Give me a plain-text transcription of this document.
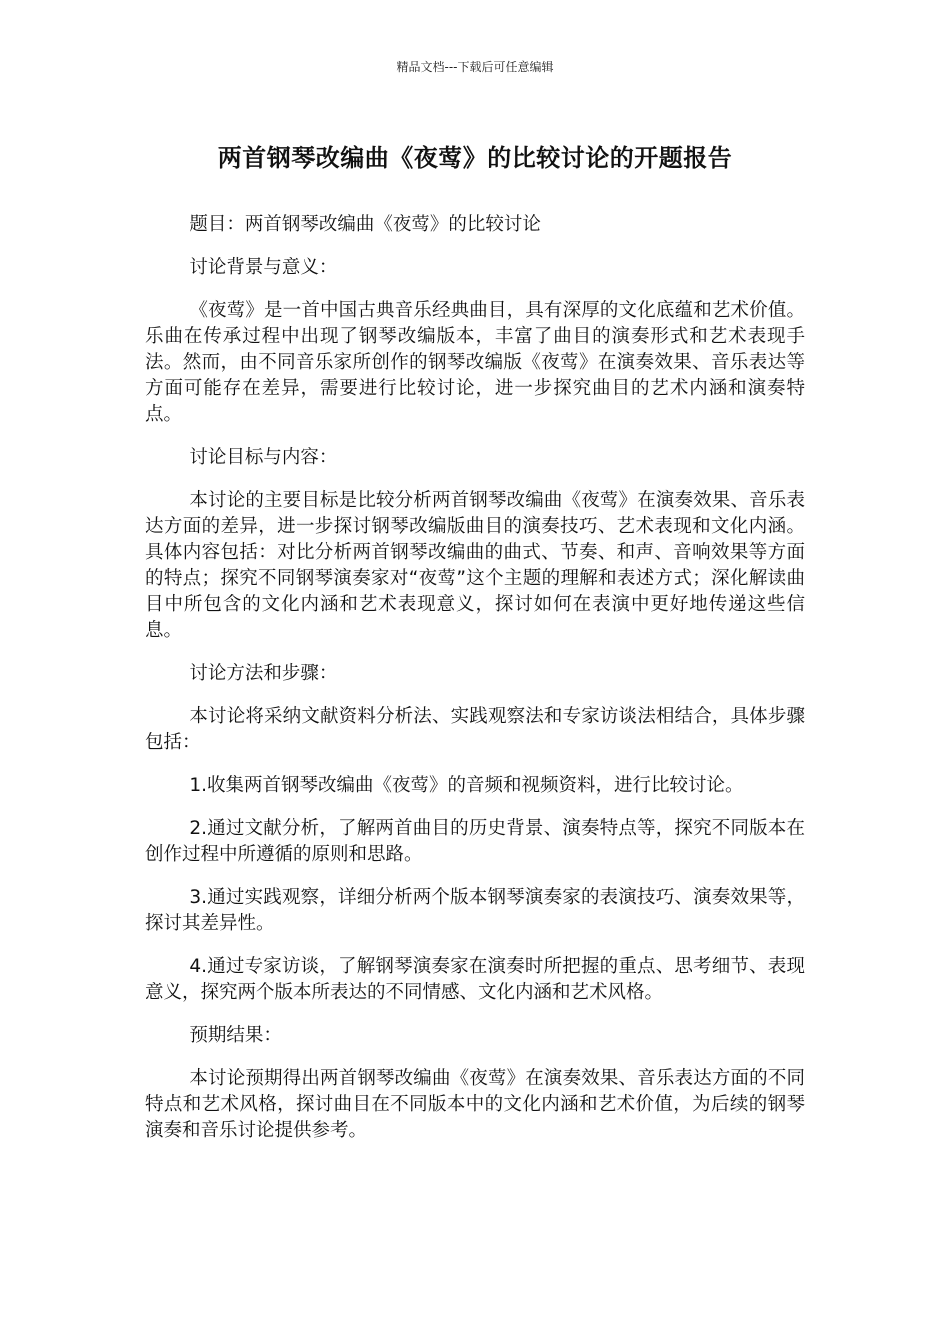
精品文档---下载后可任意编辑
两首钢琴改编曲《夜莺》的比较讨论的开题报告

题目：两首钢琴改编曲《夜莺》的比较讨论

讨论背景与意义：

《夜莺》是一首中国古典音乐经典曲目，具有深厚的文化底蕴和艺术价值。乐曲在传承过程中出现了钢琴改编版本，丰富了曲目的演奏形式和艺术表现手法。然而，由不同音乐家所创作的钢琴改编版《夜莺》在演奏效果、音乐表达等方面可能存在差异，需要进行比较讨论，进一步探究曲目的艺术内涵和演奏特点。

讨论目标与内容：

本讨论的主要目标是比较分析两首钢琴改编曲《夜莺》在演奏效果、音乐表达方面的差异，进一步探讨钢琴改编版曲目的演奏技巧、艺术表现和文化内涵。具体内容包括：对比分析两首钢琴改编曲的曲式、节奏、和声、音响效果等方面的特点；探究不同钢琴演奏家对“夜莺”这个主题的理解和表述方式；深化解读曲目中所包含的文化内涵和艺术表现意义，探讨如何在表演中更好地传递这些信息。

讨论方法和步骤：

本讨论将采纳文献资料分析法、实践观察法和专家访谈法相结合，具体步骤包括：

1.收集两首钢琴改编曲《夜莺》的音频和视频资料，进行比较讨论。

2.通过文献分析，了解两首曲目的历史背景、演奏特点等，探究不同版本在创作过程中所遵循的原则和思路。

3.通过实践观察，详细分析两个版本钢琴演奏家的表演技巧、演奏效果等，探讨其差异性。

4.通过专家访谈，了解钢琴演奏家在演奏时所把握的重点、思考细节、表现意义，探究两个版本所表达的不同情感、文化内涵和艺术风格。

预期结果：

本讨论预期得出两首钢琴改编曲《夜莺》在演奏效果、音乐表达方面的不同特点和艺术风格，探讨曲目在不同版本中的文化内涵和艺术价值，为后续的钢琴演奏和音乐讨论提供参考。
